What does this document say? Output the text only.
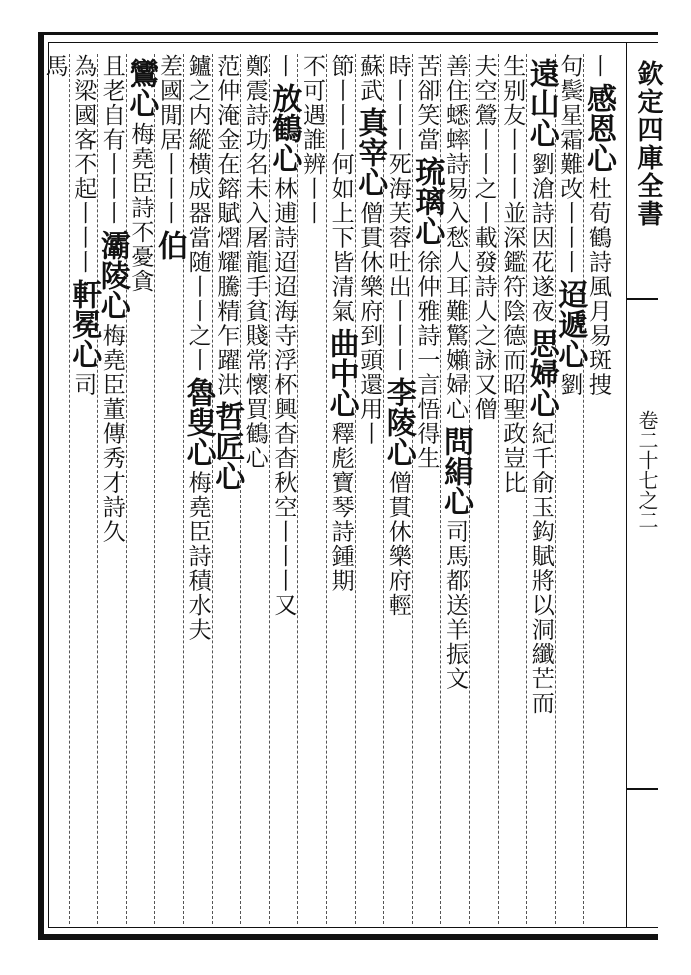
欽定四庫全書
卷二十七之二
丨感恩心杜荀鶴詩風月易斑捜
句鬓星霜難改丨丨丨迢遞心劉
遠山心劉滄詩因花遂夜思婦心紀千俞玉鈎賦將以洞纖芒而
生别友丨丨丨並深鑑符陰德而昭聖政豈比
夫空鶯丨丨之丨載發詩人之詠又僧
善住蟋蟀詩易入愁人耳難驚嬾婦心問絹心司馬都送羊振文
苦卻笑當琉璃心徐仲雅詩一言悟得生
時丨丨丨死海芙蓉吐出丨丨丨李陵心僧貫休樂府輕
蘇武真宰心僧貫休樂府到頭還用丨
節丨丨丨何如上下皆清氣曲中心釋彪寶琴詩鍾期
不可遇誰辨丨丨
丨放鶴心林逋詩迢迢海寺浮杯興杳杳秋空丨丨丨又
鄭震詩功名未入屠龍手貧賤常懷買鶴心
范仲淹金在鎔賦熠耀騰精乍躍洪哲匠心
鑪之内縱横成器當随丨丨之丨魯叟心梅堯臣詩積水夫
差國閒居丨丨丨伯
鸞心梅堯臣詩不憂貪
且老自有丨丨丨灞陵心梅堯臣董傳秀才詩久
為梁國客不起丨丨丨軒冕心司
馬
